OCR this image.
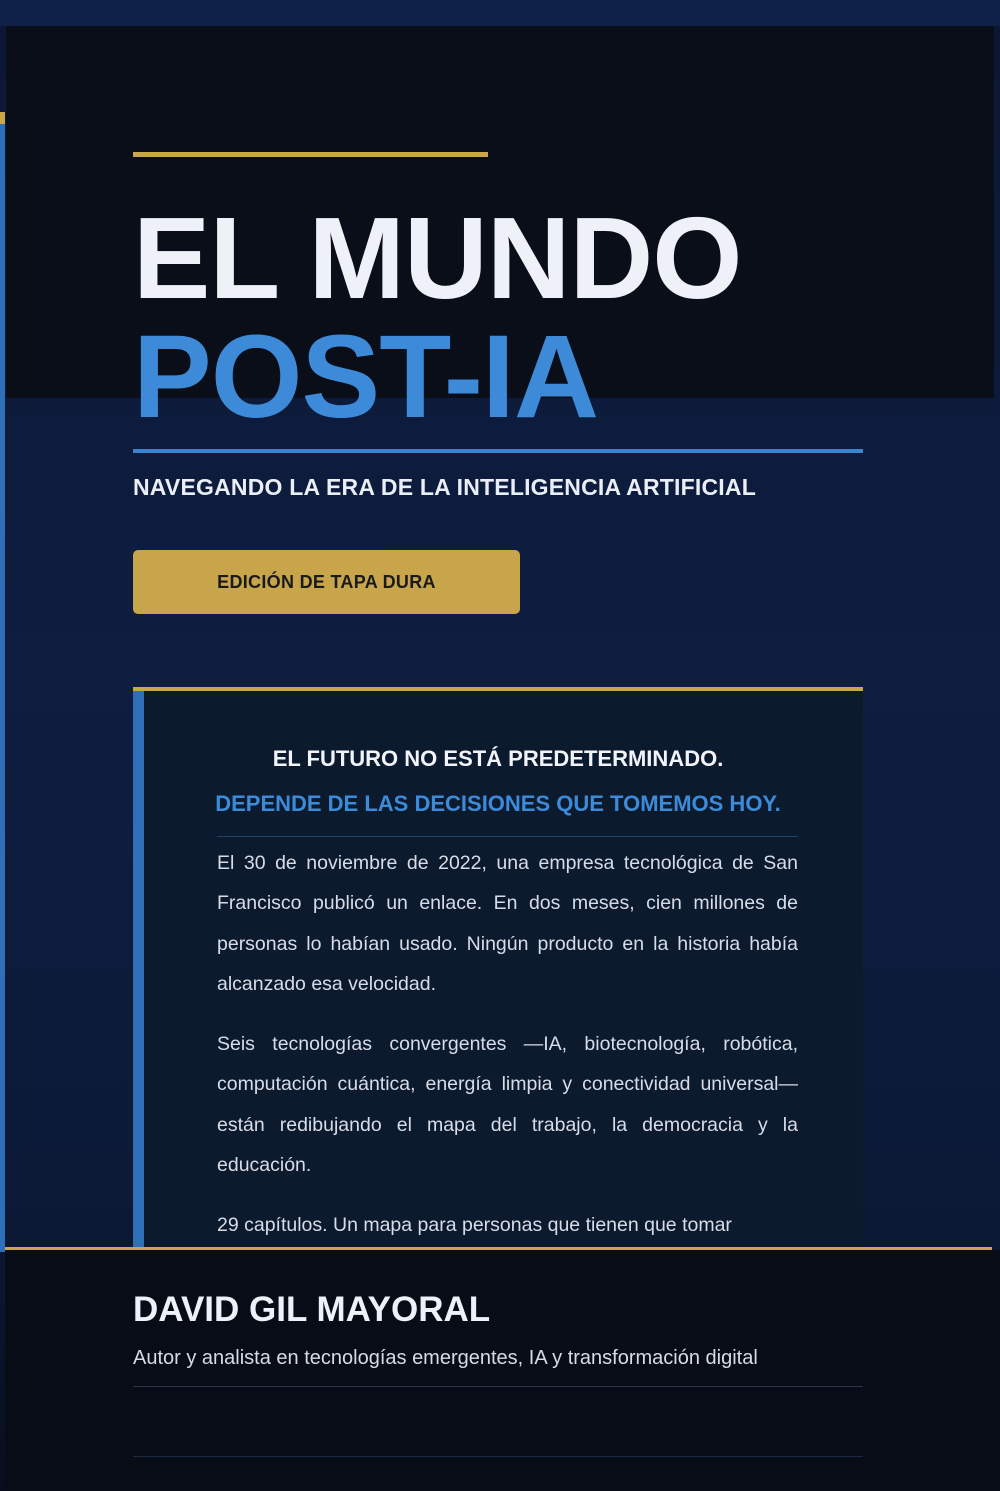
EL MUNDO
POST-IA
NAVEGANDO LA ERA DE LA INTELIGENCIA ARTIFICIAL
EDICIÓN DE TAPA DURA
EL FUTURO NO ESTÁ PREDETERMINADO.
DEPENDE DE LAS DECISIONES QUE TOMEMOS HOY.

El 30 de noviembre de 2022, una empresa tecnológica de San Francisco publicó un enlace. En dos meses, cien millones de personas lo habían usado. Ningún producto en la historia había alcanzado esa velocidad.

Seis tecnologías convergentes —IA, biotecnología, robótica, computación cuántica, energía limpia y conectividad universal— están redibujando el mapa del trabajo, la democracia y la educación.

29 capítulos. Un mapa para personas que tienen que tomar

DAVID GIL MAYORAL
Autor y analista en tecnologías emergentes, IA y transformación digital
